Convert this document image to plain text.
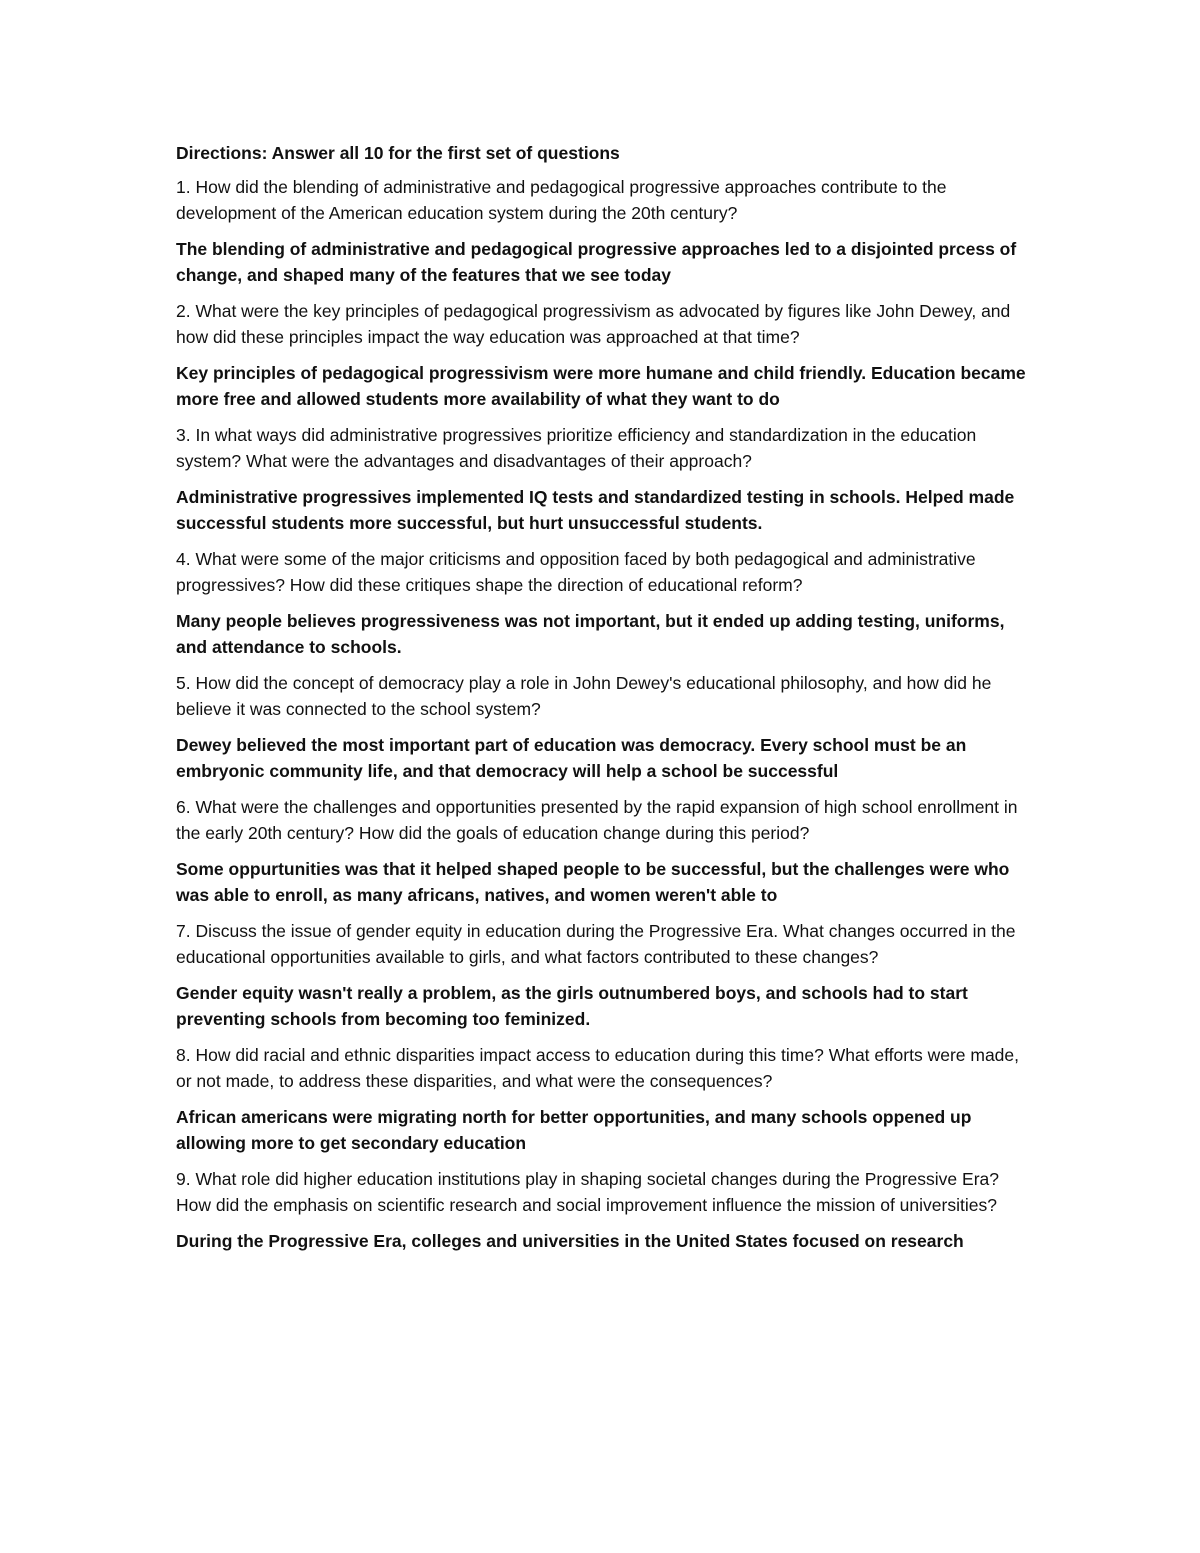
Directions: Answer all 10 for the first set of questions

1. How did the blending of administrative and pedagogical progressive approaches contribute to the development of the American education system during the 20th century?

The blending of administrative and pedagogical progressive approaches led to a disjointed prcess of change, and shaped many of the features that we see today

2. What were the key principles of pedagogical progressivism as advocated by figures like John Dewey, and how did these principles impact the way education was approached at that time?

Key principles of pedagogical progressivism were more humane and child friendly. Education became more free and allowed students more availability of what they want to do

3. In what ways did administrative progressives prioritize efficiency and standardization in the education system? What were the advantages and disadvantages of their approach?

Administrative progressives implemented IQ tests and standardized testing in schools. Helped made successful students more successful, but hurt unsuccessful students.

4. What were some of the major criticisms and opposition faced by both pedagogical and administrative progressives? How did these critiques shape the direction of educational reform?

Many people believes progressiveness was not important, but it ended up adding testing, uniforms, and attendance to schools.

5. How did the concept of democracy play a role in John Dewey's educational philosophy, and how did he believe it was connected to the school system?

Dewey believed the most important part of education was democracy. Every school must be an embryonic community life, and that democracy will help a school be successful

6. What were the challenges and opportunities presented by the rapid expansion of high school enrollment in the early 20th century? How did the goals of education change during this period?

Some oppurtunities was that it helped shaped people to be successful, but the challenges were who was able to enroll, as many africans, natives, and women weren't able to

7. Discuss the issue of gender equity in education during the Progressive Era. What changes occurred in the educational opportunities available to girls, and what factors contributed to these changes?

Gender equity wasn't really a problem, as the girls outnumbered boys, and schools had to start preventing schools from becoming too feminized.

8. How did racial and ethnic disparities impact access to education during this time? What efforts were made, or not made, to address these disparities, and what were the consequences?

African americans were migrating north for better opportunities, and many schools oppened up allowing more to get secondary education

9. What role did higher education institutions play in shaping societal changes during the Progressive Era? How did the emphasis on scientific research and social improvement influence the mission of universities?

During the Progressive Era, colleges and universities in the United States focused on research
